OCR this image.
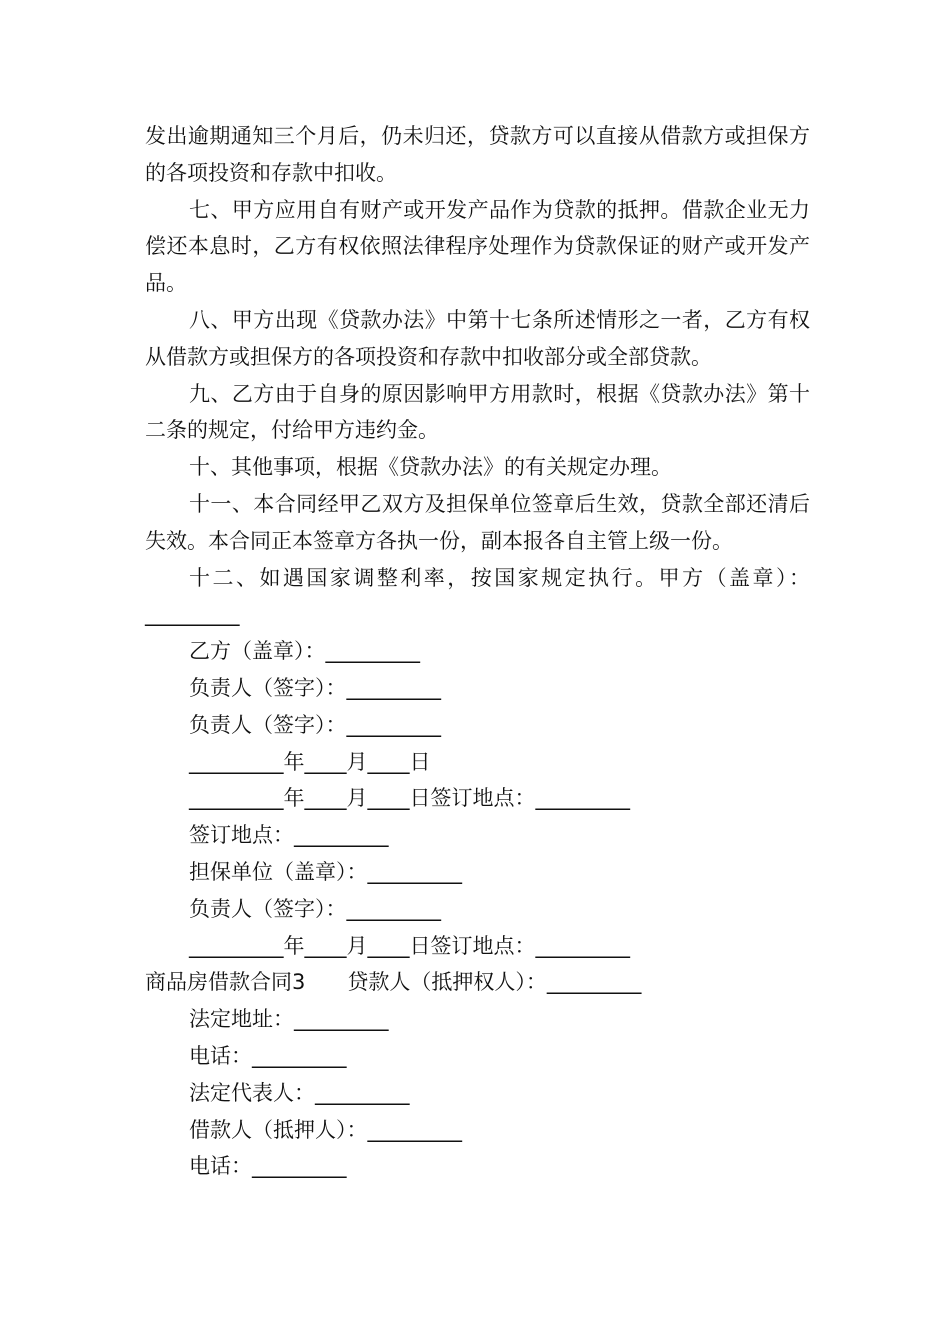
发出逾期通知三个月后，仍未归还，贷款方可以直接从借款方或担保方的各项投资和存款中扣收。

七、甲方应用自有财产或开发产品作为贷款的抵押。借款企业无力偿还本息时，乙方有权依照法律程序处理作为贷款保证的财产或开发产品。

八、甲方出现《贷款办法》中第十七条所述情形之一者，乙方有权从借款方或担保方的各项投资和存款中扣收部分或全部贷款。

九、乙方由于自身的原因影响甲方用款时，根据《贷款办法》第十二条的规定，付给甲方违约金。

十、其他事项，根据《贷款办法》的有关规定办理。

十一、本合同经甲乙双方及担保单位签章后生效，贷款全部还清后失效。本合同正本签章方各执一份，副本报各自主管上级一份。

十二、如遇国家调整利率，按国家规定执行。甲方（盖章）：_________

乙方（盖章）：_________

负责人（签字）：_________

负责人（签字）：_________

_________年____月____日

_________年____月____日签订地点：_________

签订地点：_________

担保单位（盖章）：_________

负责人（签字）：_________

_________年____月____日签订地点：_________

商品房借款合同3 贷款人（抵押权人）：_________

法定地址：_________

电话：_________

法定代表人：_________

借款人（抵押人）：_________

电话：_________
